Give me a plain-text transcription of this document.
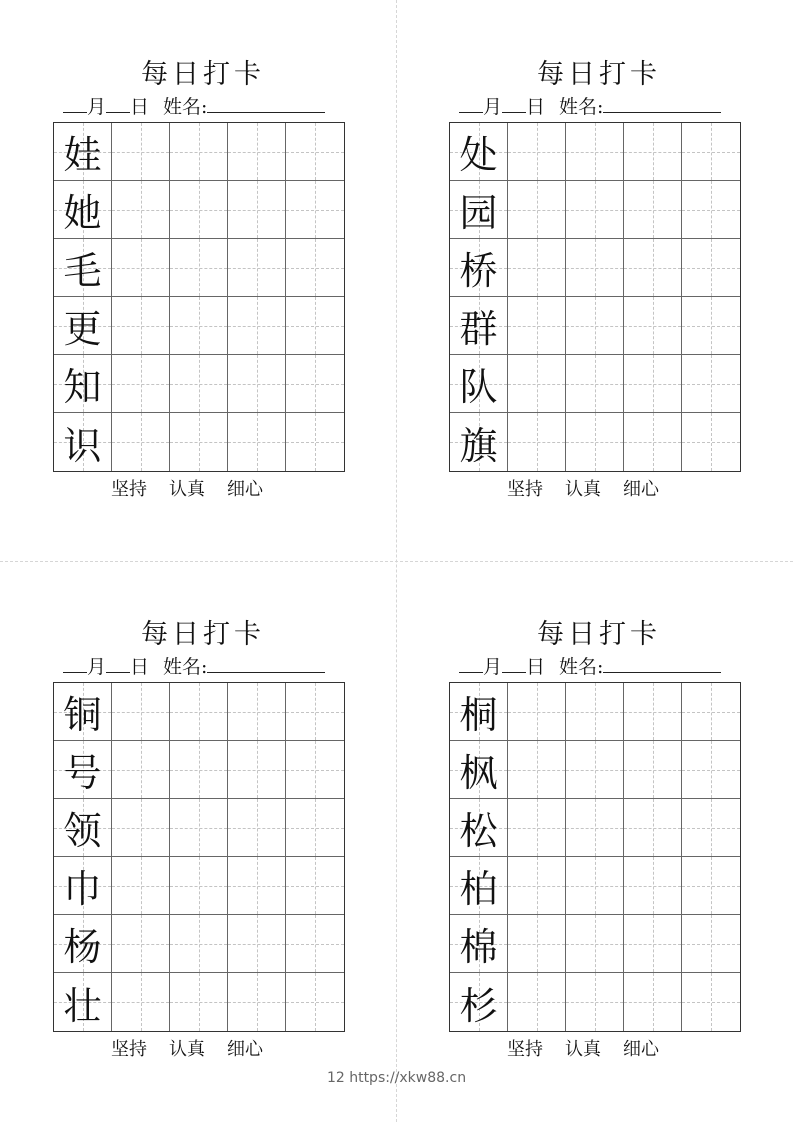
每日打卡
月 日 姓名:
娃
她
毛
更
知
识
坚持 认真 细心
每日打卡
月 日 姓名:
处
园
桥
群
队
旗
坚持 认真 细心
每日打卡
月 日 姓名:
铜
号
领
巾
杨
壮
坚持 认真 细心
每日打卡
月 日 姓名:
桐
枫
松
柏
棉
杉
坚持 认真 细心
12 https://xkw88.cn
